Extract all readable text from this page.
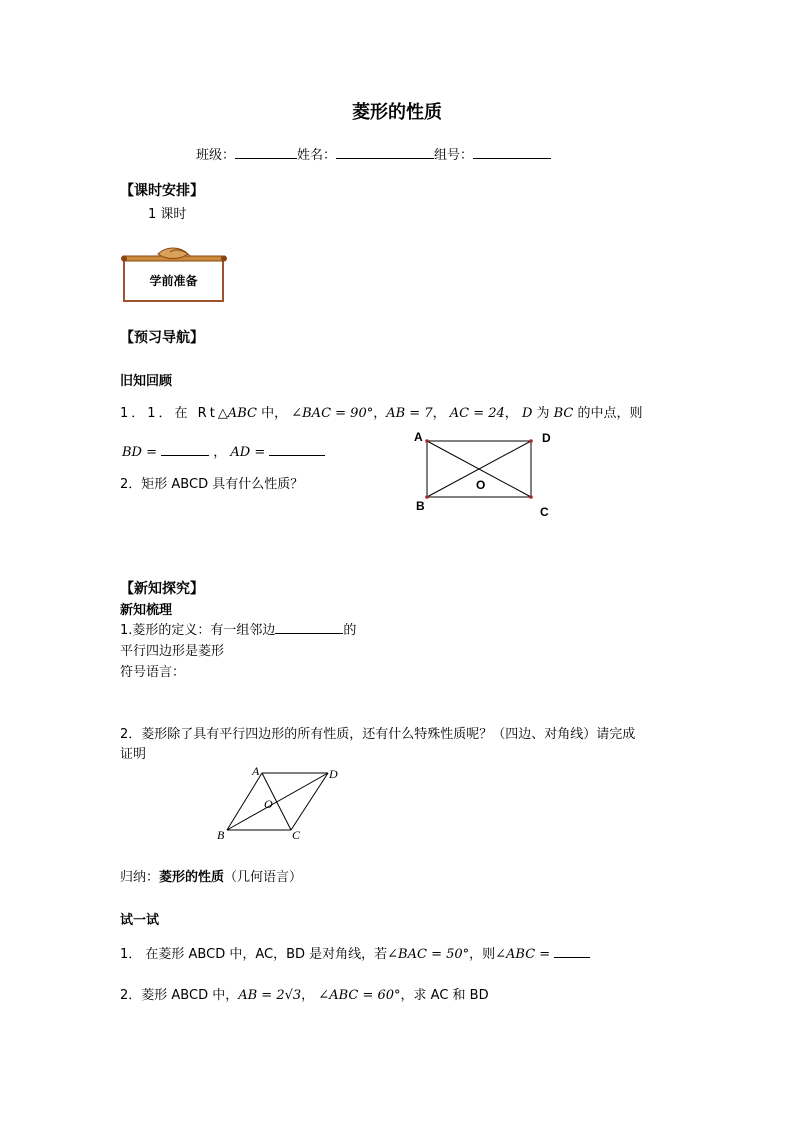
菱形的性质
班级：	姓名：	组号：
【课时安排】
1 课时
学前准备
【预习导航】
旧知回顾
1．1．在 Rt△ABC 中， ∠BAC = 90°，AB = 7， AC = 24， D 为 BC 的中点，则
BD =	， AD =
2．矩形 ABCD 具有什么性质？
A	D
B	C
O
【新知探究】
新知梳理
1.菱形的定义：有一组邻边	的
平行四边形是菱形
符号语言：
2．菱形除了具有平行四边形的所有性质，还有什么特殊性质呢？（四边、对角线）请完成
证明
A	D
B	C
O
归纳：菱形的性质（几何语言）
试一试
1． 在菱形 ABCD 中，AC，BD 是对角线，若∠BAC = 50°，则∠ABC =
2．菱形 ABCD 中，AB = 2√3， ∠ABC = 60°，求 AC 和 BD
